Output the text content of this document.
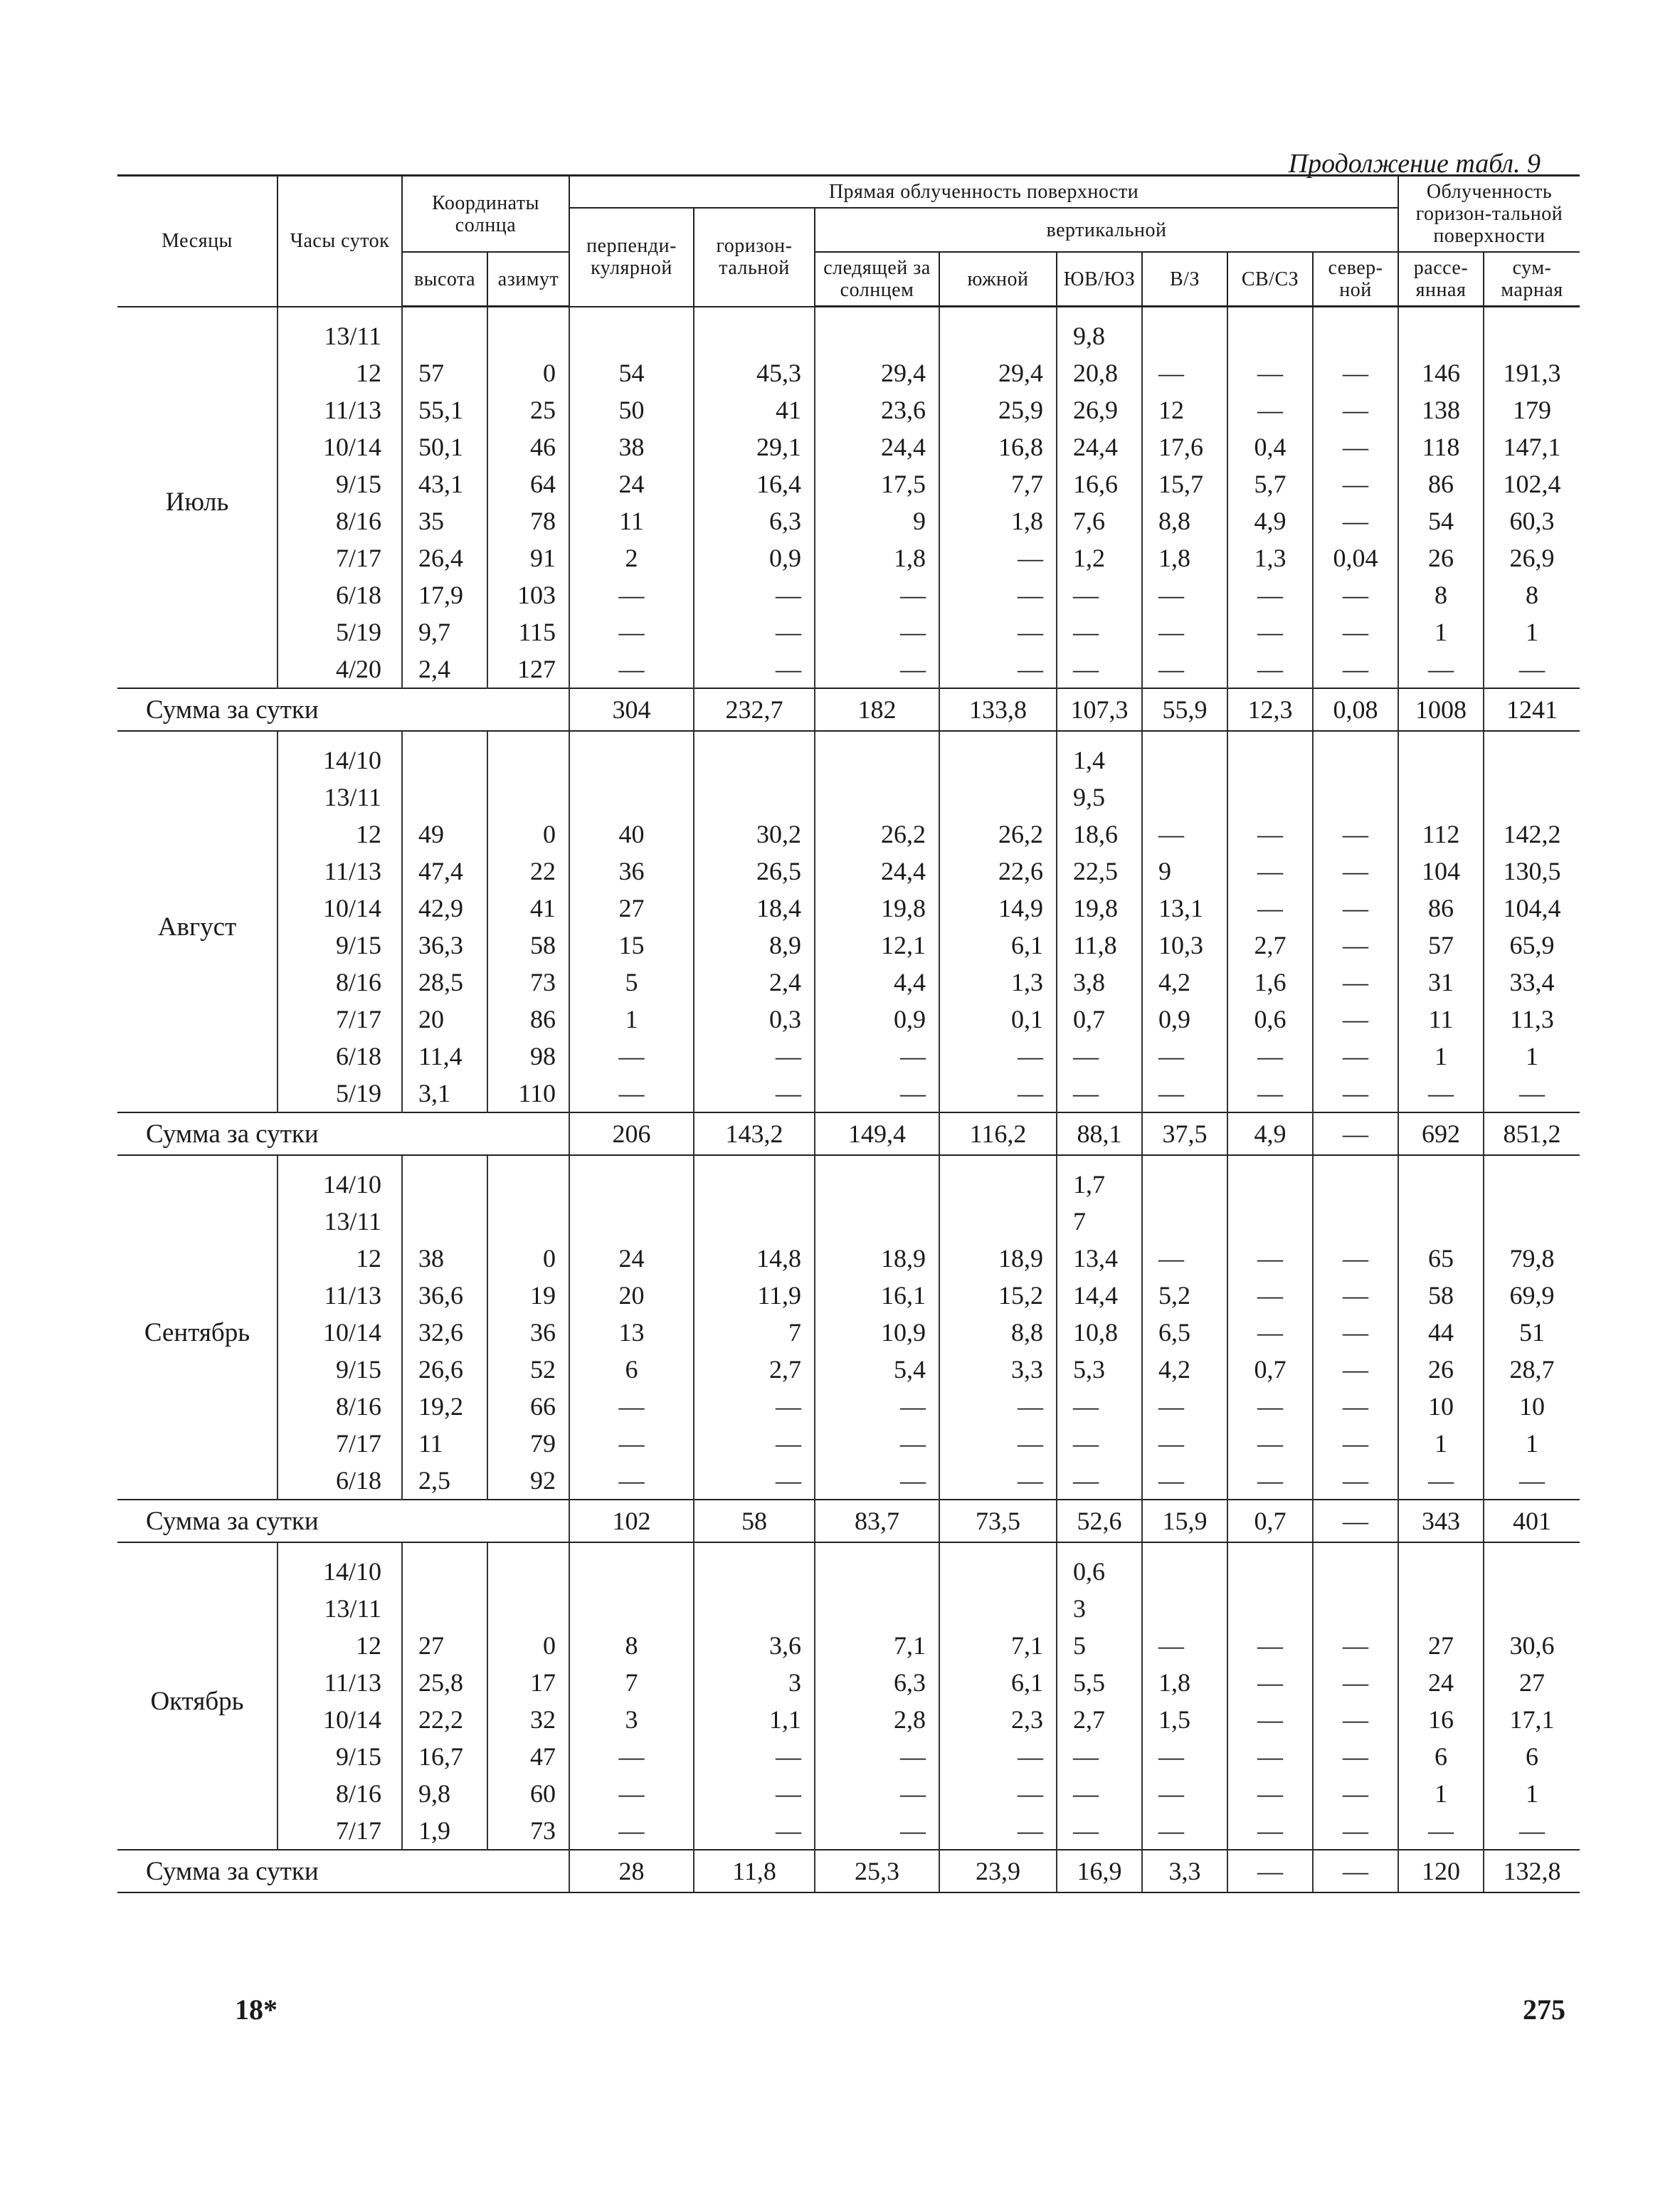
Продолжение табл. 9
Месяцы	Часы суток	Координаты солнца		Прямая облученность поверхности								Облученность горизон-тальной поверхности	
				перпенди-кулярной	горизон-тальной	вертикальной							
		высота	азимут			следящей за солнцем	южной	ЮВ/ЮЗ	В/З	СВ/СЗ	север-ной	рассе-янная	сум-марная
Июль	13/11							9,8					
	12	57	0	54	45,3	29,4	29,4	20,8	—	—	—	146	191,3
	11/13	55,1	25	50	41	23,6	25,9	26,9	12	—	—	138	179
	10/14	50,1	46	38	29,1	24,4	16,8	24,4	17,6	0,4	—	118	147,1
	9/15	43,1	64	24	16,4	17,5	7,7	16,6	15,7	5,7	—	86	102,4
	8/16	35	78	11	6,3	9	1,8	7,6	8,8	4,9	—	54	60,3
	7/17	26,4	91	2	0,9	1,8	—	1,2	1,8	1,3	0,04	26	26,9
	6/18	17,9	103	—	—	—	—	—	—	—	—	8	8
	5/19	9,7	115	—	—	—	—	—	—	—	—	1	1
	4/20	2,4	127	—	—	—	—	—	—	—	—	—	—
Сумма за сутки				304	232,7	182	133,8	107,3	55,9	12,3	0,08	1008	1241
Август	14/10							1,4					
	13/11							9,5					
	12	49	0	40	30,2	26,2	26,2	18,6	—	—	—	112	142,2
	11/13	47,4	22	36	26,5	24,4	22,6	22,5	9	—	—	104	130,5
	10/14	42,9	41	27	18,4	19,8	14,9	19,8	13,1	—	—	86	104,4
	9/15	36,3	58	15	8,9	12,1	6,1	11,8	10,3	2,7	—	57	65,9
	8/16	28,5	73	5	2,4	4,4	1,3	3,8	4,2	1,6	—	31	33,4
	7/17	20	86	1	0,3	0,9	0,1	0,7	0,9	0,6	—	11	11,3
	6/18	11,4	98	—	—	—	—	—	—	—	—	1	1
	5/19	3,1	110	—	—	—	—	—	—	—	—	—	—
Сумма за сутки				206	143,2	149,4	116,2	88,1	37,5	4,9	—	692	851,2
Сентябрь	14/10							1,7					
	13/11							7					
	12	38	0	24	14,8	18,9	18,9	13,4	—	—	—	65	79,8
	11/13	36,6	19	20	11,9	16,1	15,2	14,4	5,2	—	—	58	69,9
	10/14	32,6	36	13	7	10,9	8,8	10,8	6,5	—	—	44	51
	9/15	26,6	52	6	2,7	5,4	3,3	5,3	4,2	0,7	—	26	28,7
	8/16	19,2	66	—	—	—	—	—	—	—	—	10	10
	7/17	11	79	—	—	—	—	—	—	—	—	1	1
	6/18	2,5	92	—	—	—	—	—	—	—	—	—	—
Сумма за сутки				102	58	83,7	73,5	52,6	15,9	0,7	—	343	401
Октябрь	14/10							0,6					
	13/11							3					
	12	27	0	8	3,6	7,1	7,1	5	—	—	—	27	30,6
	11/13	25,8	17	7	3	6,3	6,1	5,5	1,8	—	—	24	27
	10/14	22,2	32	3	1,1	2,8	2,3	2,7	1,5	—	—	16	17,1
	9/15	16,7	47	—	—	—	—	—	—	—	—	6	6
	8/16	9,8	60	—	—	—	—	—	—	—	—	1	1
	7/17	1,9	73	—	—	—	—	—	—	—	—	—	—
Сумма за сутки				28	11,8	25,3	23,9	16,9	3,3	—	—	120	132,8
18*	275
